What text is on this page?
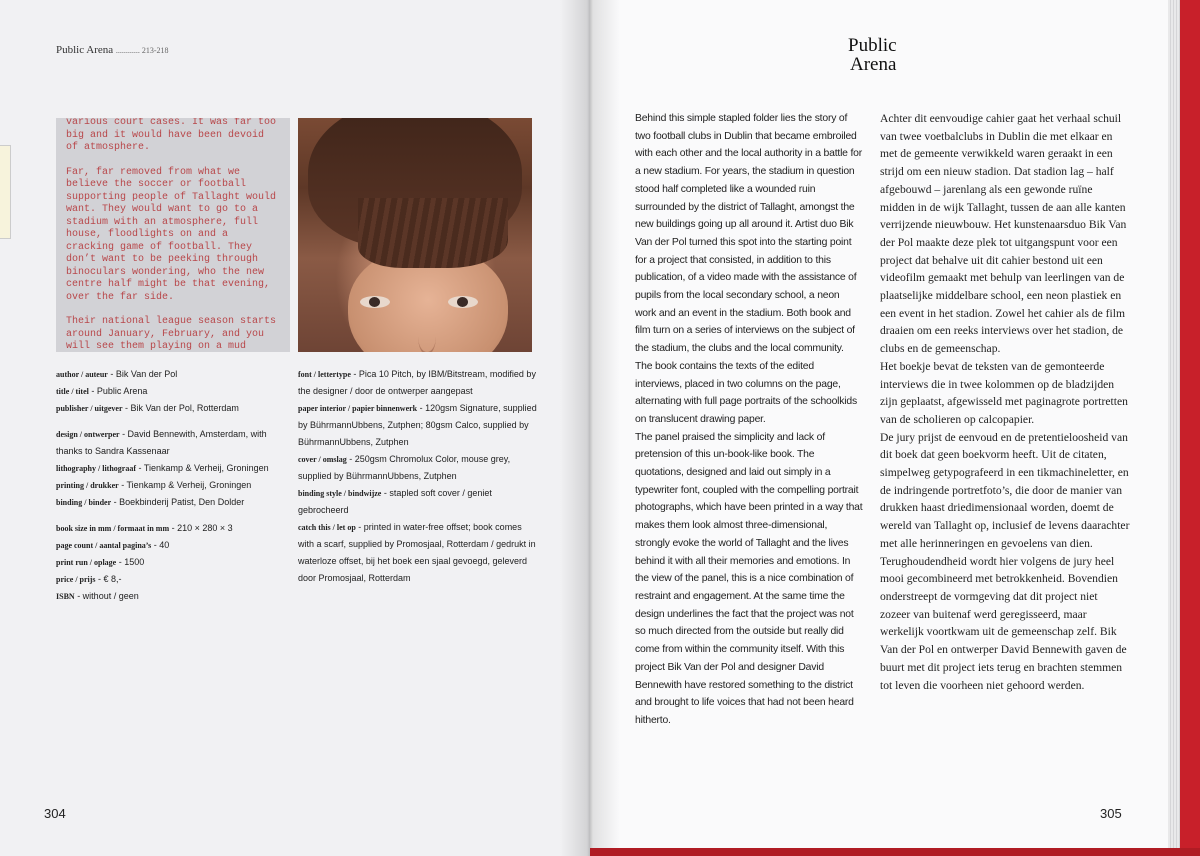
Public Arena ............ 213-218

various court cases. It was far too big and it would have been devoid of atmosphere.

Far, far removed from what we believe the soccer or football supporting people of Tallaght would want. They would want to go to a stadium with an atmosphere, full house, floodlights on and a cracking game of football. They don’t want to be peeking through binoculars wondering, who the new centre half might be that evening, over the far side.

Their national league season starts around January, February, and you will see them playing on a mud

author / auteur - Bik Van der Pol

title / titel - Public Arena

publisher / uitgever - Bik Van der Pol, Rotterdam

design / ontwerper - David Bennewith, Amsterdam, with thanks to Sandra Kassenaar

lithography / lithograaf - Tienkamp & Verheij, Groningen

printing / drukker - Tienkamp & Verheij, Groningen

binding / binder - Boekbinderij Patist, Den Dolder

book size in mm / formaat in mm - 210 × 280 × 3

page count / aantal pagina’s - 40

print run / oplage - 1500

price / prijs - € 8,-

ISBN - without / geen

font / lettertype - Pica 10 Pitch, by IBM/Bitstream, modified by the designer / door de ontwerper aangepast

paper interior / papier binnenwerk - 120gsm Signature, supplied by BührmannUbbens, Zutphen; 80gsm Calco, supplied by BührmannUbbens, Zutphen

cover / omslag - 250gsm Chromolux Color, mouse grey, supplied by BührmannUbbens, Zutphen

binding style / bindwijze - stapled soft cover / geniet gebrocheerd

catch this / let op - printed in water-free offset; book comes with a scarf, supplied by Promosjaal, Rotterdam / gedrukt in waterloze offset, bij het boek een sjaal gevoegd, geleverd door Promosjaal, Rotterdam

304
Public
Arena

Behind this simple stapled folder lies the story of two football clubs in Dublin that became embroiled with each other and the local authority in a battle for a new stadium. For years, the stadium in question stood half completed like a wounded ruin surrounded by the district of Tallaght, amongst the new buildings going up all around it. Artist duo Bik Van der Pol turned this spot into the starting point for a project that consisted, in addition to this publication, of a video made with the assistance of pupils from the local secondary school, a neon work and an event in the stadium. Both book and film turn on a series of interviews on the subject of the stadium, the clubs and the local community. The book contains the texts of the edited interviews, placed in two columns on the page, alternating with full page portraits of the schoolkids on translucent drawing paper.

The panel praised the simplicity and lack of pretension of this un-book-like book. The quotations, designed and laid out simply in a typewriter font, coupled with the compelling portrait photographs, which have been printed in a way that makes them look almost three-dimensional, strongly evoke the world of Tallaght and the lives behind it with all their memories and emotions. In the view of the panel, this is a nice combination of restraint and engagement. At the same time the design underlines the fact that the project was not so much directed from the outside but really did come from within the community itself. With this project Bik Van der Pol and designer David Bennewith have restored something to the district and brought to life voices that had not been heard hitherto.

Achter dit eenvoudige cahier gaat het verhaal schuil van twee voetbalclubs in Dublin die met elkaar en met de gemeente verwikkeld waren geraakt in een strijd om een nieuw stadion. Dat stadion lag – half afgebouwd – jarenlang als een gewonde ruïne midden in de wijk Tallaght, tussen de aan alle kanten verrijzende nieuwbouw. Het kunstenaarsduo Bik Van der Pol maakte deze plek tot uitgangspunt voor een project dat behalve uit dit cahier bestond uit een videofilm gemaakt met behulp van leerlingen van de plaatselijke middelbare school, een neon plastiek en een event in het stadion. Zowel het cahier als de film draaien om een reeks interviews over het stadion, de clubs en de gemeenschap.

Het boekje bevat de teksten van de gemonteerde interviews die in twee kolommen op de bladzijden zijn geplaatst, afgewisseld met paginagrote portretten van de scholieren op calcopapier.

De jury prijst de eenvoud en de pretentieloosheid van dit boek dat geen boekvorm heeft. Uit de citaten, simpelweg getypografeerd in een tikmachineletter, en de indringende portretfoto’s, die door de manier van drukken haast driedimensionaal worden, doemt de wereld van Tallaght op, inclusief de levens daarachter met alle herinneringen en gevoelens van dien. Terughoudendheid wordt hier volgens de jury heel mooi gecombineerd met betrokkenheid. Bovendien onderstreept de vormgeving dat dit project niet zozeer van buitenaf werd geregisseerd, maar werkelijk voortkwam uit de gemeenschap zelf. Bik Van der Pol en ontwerper David Bennewith gaven de buurt met dit project iets terug en brachten stemmen tot leven die voorheen niet gehoord werden.

305
